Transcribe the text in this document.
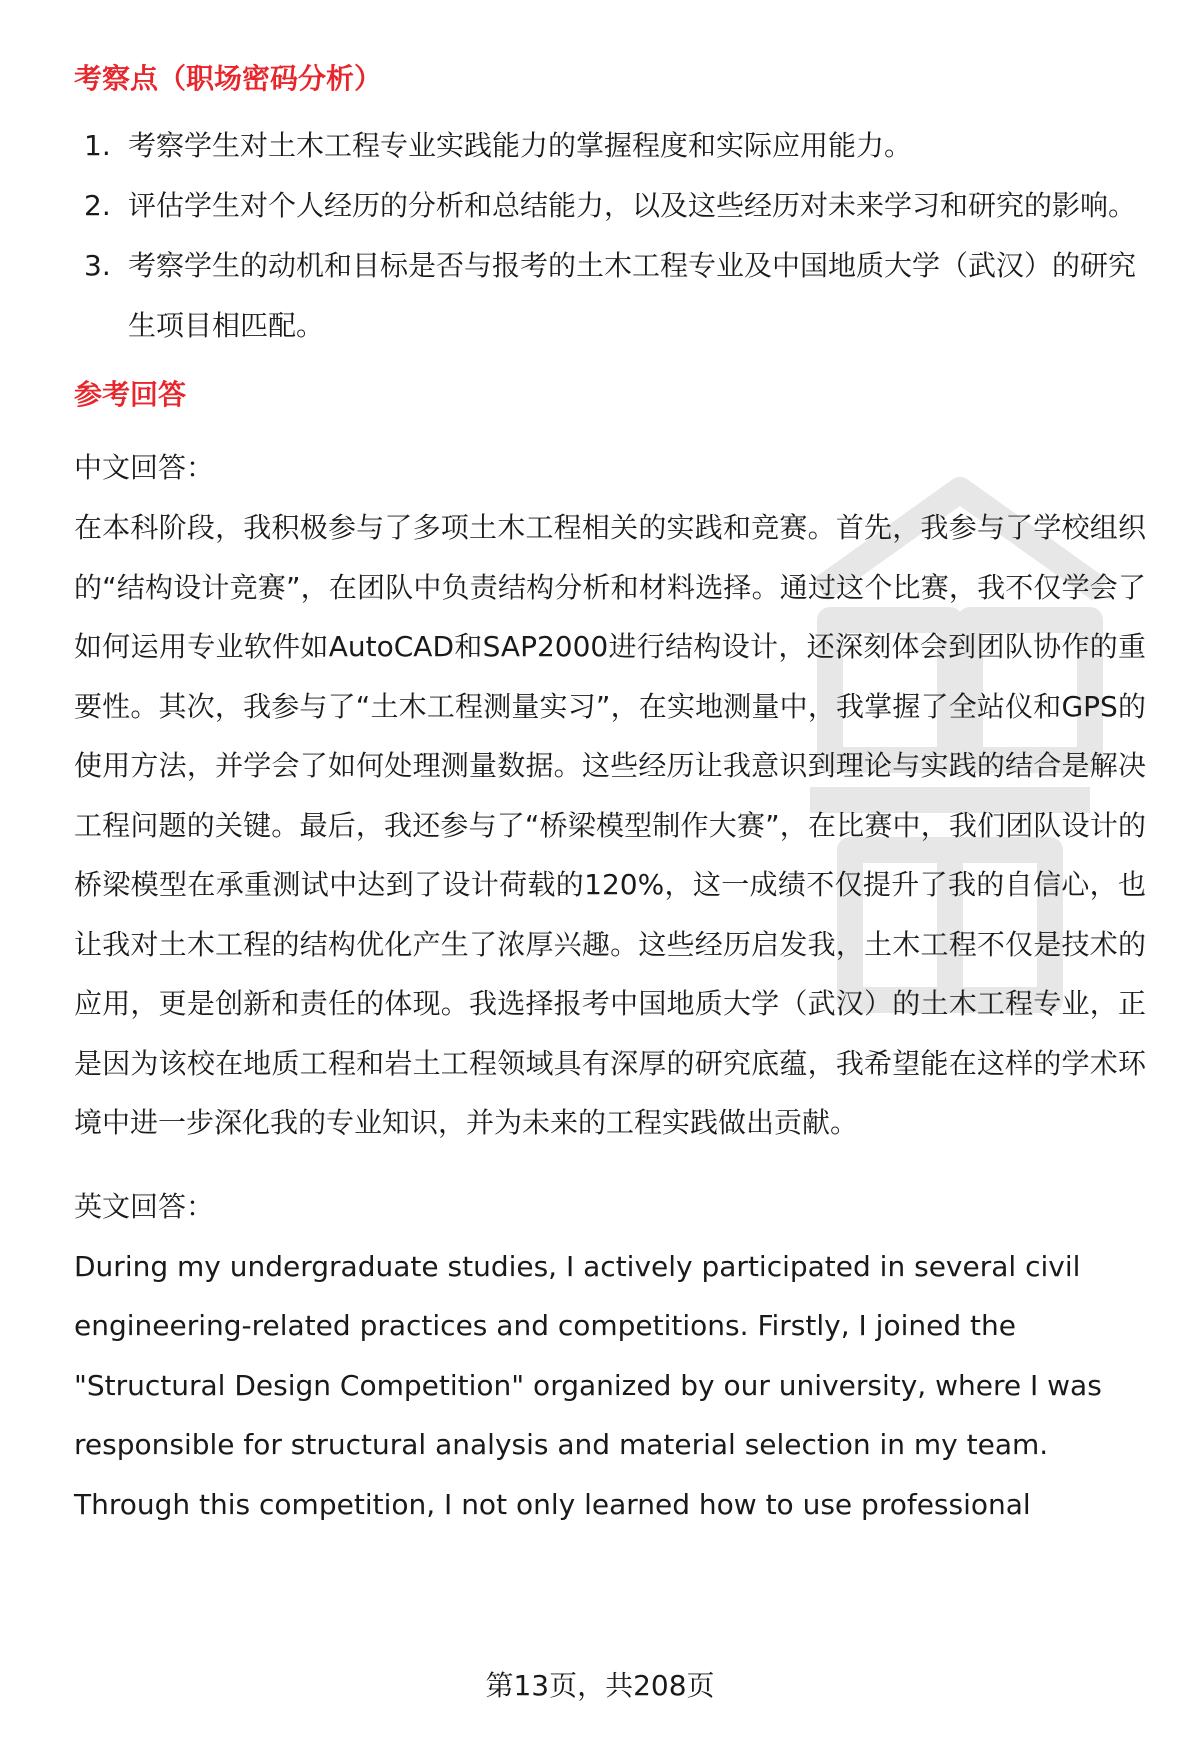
考察点（职场密码分析）
1. 考察学生对土木工程专业实践能力的掌握程度和实际应用能力。
2. 评估学生对个人经历的分析和总结能力，以及这些经历对未来学习和研究的影响。
3. 考察学生的动机和目标是否与报考的土木工程专业及中国地质大学（武汉）的研究生项目相匹配。
参考回答
中文回答：

在本科阶段，我积极参与了多项土木工程相关的实践和竞赛。首先，我参与了学校组织的“结构设计竞赛”，在团队中负责结构分析和材料选择。通过这个比赛，我不仅学会了如何运用专业软件如AutoCAD和SAP2000进行结构设计，还深刻体会到团队协作的重要性。其次，我参与了“土木工程测量实习”，在实地测量中，我掌握了全站仪和GPS的使用方法，并学会了如何处理测量数据。这些经历让我意识到理论与实践的结合是解决工程问题的关键。最后，我还参与了“桥梁模型制作大赛”，在比赛中，我们团队设计的桥梁模型在承重测试中达到了设计荷载的120%，这一成绩不仅提升了我的自信心，也让我对土木工程的结构优化产生了浓厚兴趣。这些经历启发我，土木工程不仅是技术的应用，更是创新和责任的体现。我选择报考中国地质大学（武汉）的土木工程专业，正是因为该校在地质工程和岩土工程领域具有深厚的研究底蕴，我希望能在这样的学术环境中进一步深化我的专业知识，并为未来的工程实践做出贡献。

英文回答：

During my undergraduate studies, I actively participated in several civil engineering-related practices and competitions. Firstly, I joined the "Structural Design Competition" organized by our university, where I was responsible for structural analysis and material selection in my team. Through this competition, I not only learned how to use professional

第13页，共208页
